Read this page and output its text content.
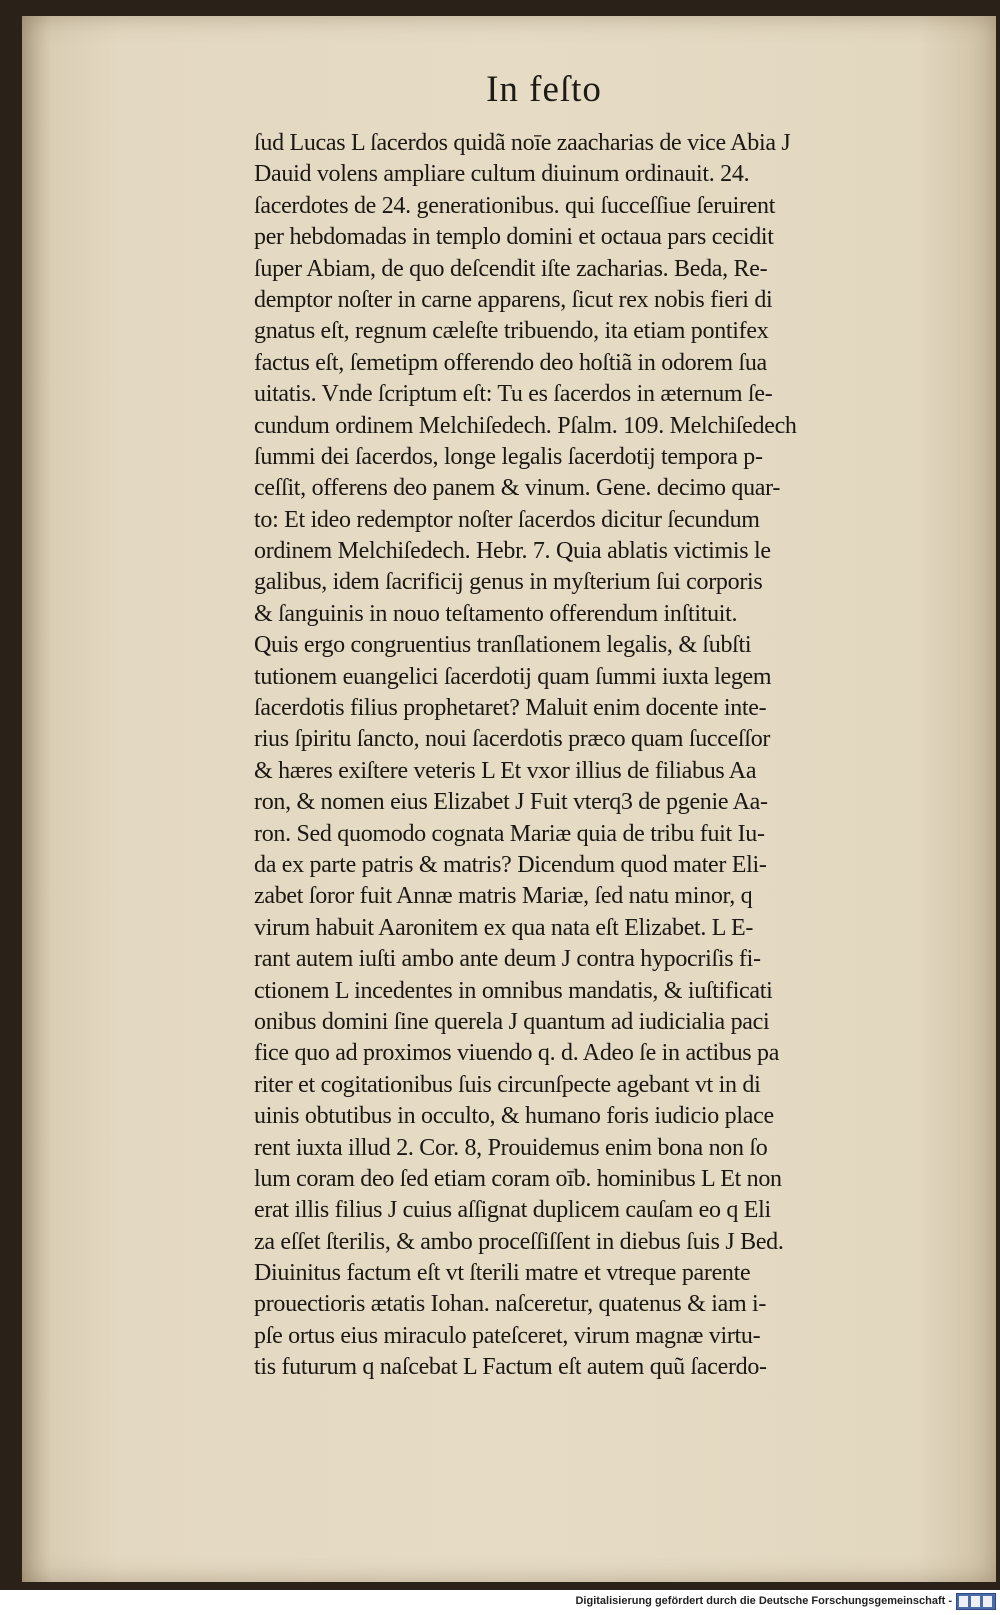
In feſto
ſud Lucas L ſacerdos quidã noīe zaacharias de vice Abia J
Dauid volens ampliare cultum diuinum ordinauit. 24.
ſacerdotes de 24. generationibus. qui ſucceſſiue ſeruirent
per hebdomadas in templo domini et octaua pars cecidit
ſuper Abiam, de quo deſcendit iſte zacharias. Beda, Re-
demptor noſter in carne apparens, ſicut rex nobis fieri di
gnatus eſt, regnum cæleſte tribuendo, ita etiam pontifex
factus eſt, ſemetipm offerendo deo hoſtiã in odorem ſua
uitatis. Vnde ſcriptum eſt: Tu es ſacerdos in æternum ſe-
cundum ordinem Melchiſedech. Pſalm. 109. Melchiſedech
ſummi dei ſacerdos, longe legalis ſacerdotij tempora p-
ceſſit, offerens deo panem & vinum. Gene. decimo quar-
to: Et ideo redemptor noſter ſacerdos dicitur ſecundum
ordinem Melchiſedech. Hebr. 7. Quia ablatis victimis le
galibus, idem ſacrificij genus in myſterium ſui corporis
& ſanguinis in nouo teſtamento offerendum inſtituit.
Quis ergo congruentius tranſlationem legalis, & ſubſti
tutionem euangelici ſacerdotij quam ſummi iuxta legem
ſacerdotis filius prophetaret? Maluit enim docente inte-
rius ſpiritu ſancto, noui ſacerdotis præco quam ſucceſſor
& hæres exiſtere veteris L Et vxor illius de filiabus Aa
ron, & nomen eius Elizabet J Fuit vterq3 de pgenie Aa-
ron. Sed quomodo cognata Mariæ quia de tribu fuit Iu-
da ex parte patris & matris? Dicendum quod mater Eli-
zabet ſoror fuit Annæ matris Mariæ, ſed natu minor, q
virum habuit Aaronitem ex qua nata eſt Elizabet. L E-
rant autem iuſti ambo ante deum J contra hypocriſis fi-
ctionem L incedentes in omnibus mandatis, & iuſtificati
onibus domini ſine querela J quantum ad iudicialia paci
fice quo ad proximos viuendo q. d. Adeo ſe in actibus pa
riter et cogitationibus ſuis circunſpecte agebant vt in di
uinis obtutibus in occulto, & humano foris iudicio place
rent iuxta illud 2. Cor. 8, Prouidemus enim bona non ſo
lum coram deo ſed etiam coram oīb. hominibus L Et non
erat illis filius J cuius aſſignat duplicem cauſam eo q Eli
za eſſet ſterilis, & ambo proceſſiſſent in diebus ſuis J Bed.
Diuinitus factum eſt vt ſterili matre et vtreque parente
prouectioris ætatis Iohan. naſceretur, quatenus & iam i-
pſe ortus eius miraculo pateſceret, virum magnæ virtu-
tis futurum q naſcebat L Factum eſt autem quũ ſacerdo-
Digitalisierung gefördert durch die Deutsche Forschungsgemeinschaft -
